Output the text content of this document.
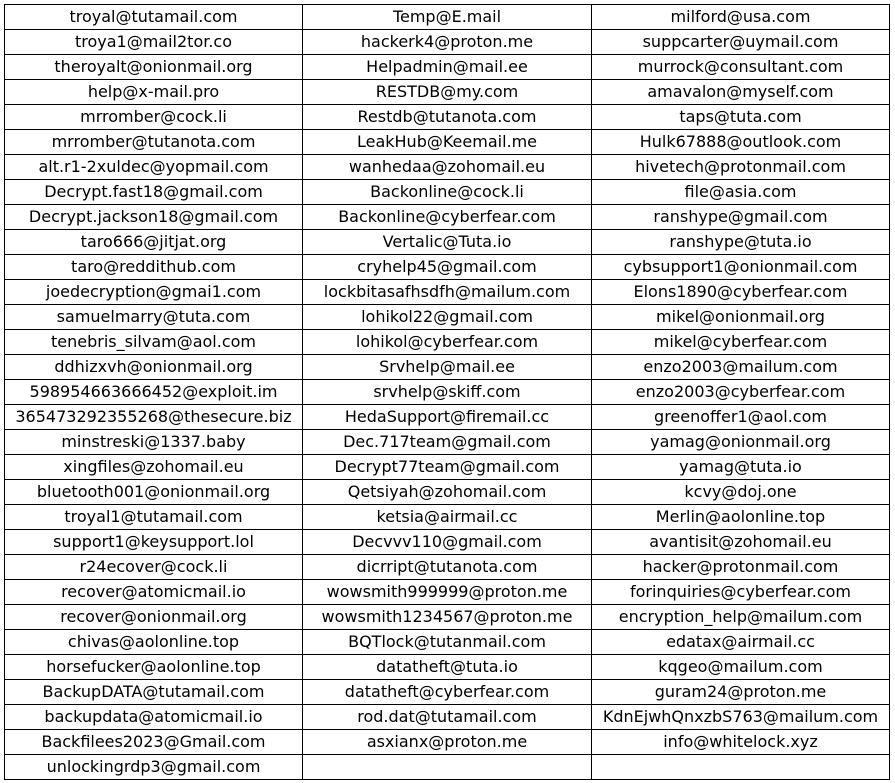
troyal@tutamail.com	Temp@E.mail	milford@usa.com
troya1@mail2tor.co	hackerk4@proton.me	suppcarter@uymail.com
theroyalt@onionmail.org	Helpadmin@mail.ee	murrock@consultant.com
help@x-mail.pro	RESTDB@my.com	amavalon@myself.com
mrromber@cock.li	Restdb@tutanota.com	taps@tuta.com
mrromber@tutanota.com	LeakHub@Keemail.me	Hulk67888@outlook.com
alt.r1-2xuldec@yopmail.com	wanhedaa@zohomail.eu	hivetech@protonmail.com
Decrypt.fast18@gmail.com	Backonline@cock.li	file@asia.com
Decrypt.jackson18@gmail.com	Backonline@cyberfear.com	ranshype@gmail.com
taro666@jitjat.org	Vertalic@Tuta.io	ranshype@tuta.io
taro@reddithub.com	cryhelp45@gmail.com	cybsupport1@onionmail.com
joedecryption@gmai1.com	lockbitasafhsdfh@mailum.com	Elons1890@cyberfear.com
samuelmarry@tuta.com	lohikol22@gmail.com	mikel@onionmail.org
tenebris_silvam@aol.com	lohikol@cyberfear.com	mikel@cyberfear.com
ddhizxvh@onionmail.org	Srvhelp@mail.ee	enzo2003@mailum.com
598954663666452@exploit.im	srvhelp@skiff.com	enzo2003@cyberfear.com
365473292355268@thesecure.biz	HedaSupport@firemail.cc	greenoffer1@aol.com
minstreski@1337.baby	Dec.717team@gmail.com	yamag@onionmail.org
xingfiles@zohomail.eu	Decrypt77team@gmail.com	yamag@tuta.io
bluetooth001@onionmail.org	Qetsiyah@zohomail.com	kcvy@doj.one
troyal1@tutamail.com	ketsia@airmail.cc	Merlin@aolonline.top
support1@keysupport.lol	Decvvv110@gmail.com	avantisit@zohomail.eu
r24ecover@cock.li	dicrript@tutanota.com	hacker@protonmail.com
recover@atomicmail.io	wowsmith999999@proton.me	forinquiries@cyberfear.com
recover@onionmail.org	wowsmith1234567@proton.me	encryption_help@mailum.com
chivas@aolonline.top	BQTlock@tutanmail.com	edatax@airmail.cc
horsefucker@aolonline.top	datatheft@tuta.io	kqgeo@mailum.com
BackupDATA@tutamail.com	datatheft@cyberfear.com	guram24@proton.me
backupdata@atomicmail.io	rod.dat@tutamail.com	KdnEjwhQnxzbS763@mailum.com
Backfilees2023@Gmail.com	asxianx@proton.me	info@whitelock.xyz
unlockingrdp3@gmail.com		
